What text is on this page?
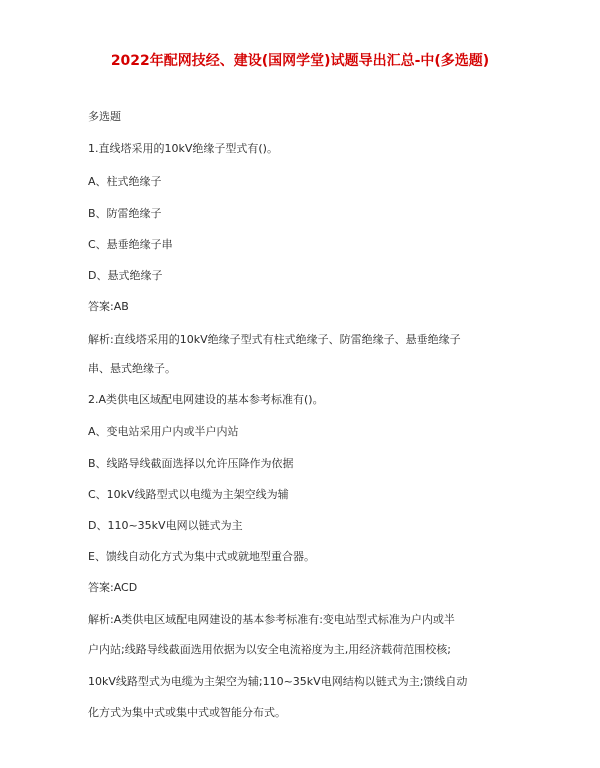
2022年配网技经、建设(国网学堂)试题导出汇总-中(多选题)
多选题
1.直线塔采用的10kV绝缘子型式有()。
A、柱式绝缘子
B、防雷绝缘子
C、悬垂绝缘子串
D、悬式绝缘子
答案:AB
解析:直线塔采用的10kV绝缘子型式有柱式绝缘子、防雷绝缘子、悬垂绝缘子
串、悬式绝缘子。
2.A类供电区域配电网建设的基本参考标准有()。
A、变电站采用户内或半户内站
B、线路导线截面选择以允许压降作为依据
C、10kV线路型式以电缆为主架空线为辅
D、110~35kV电网以链式为主
E、馈线自动化方式为集中式或就地型重合器。
答案:ACD
解析:A类供电区域配电网建设的基本参考标准有:变电站型式标准为户内或半
户内站;线路导线截面选用依据为以安全电流裕度为主,用经济载荷范围校核;
10kV线路型式为电缆为主架空为辅;110~35kV电网结构以链式为主;馈线自动
化方式为集中式或集中式或智能分布式。
